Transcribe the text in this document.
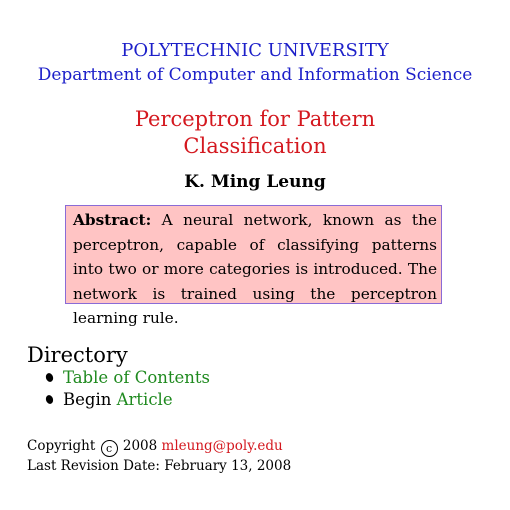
POLYTECHNIC UNIVERSITY
Department of Computer and Information Science
Perceptron for Pattern
Classification
K. Ming Leung
Abstract: A neural network, known as the perceptron, capable of classifying patterns into two or more categories is introduced. The network is trained using the perceptron learning rule.
Directory
Table of Contents
Begin Article
Copyright c 2008 mleung@poly.edu
Last Revision Date: February 13, 2008
